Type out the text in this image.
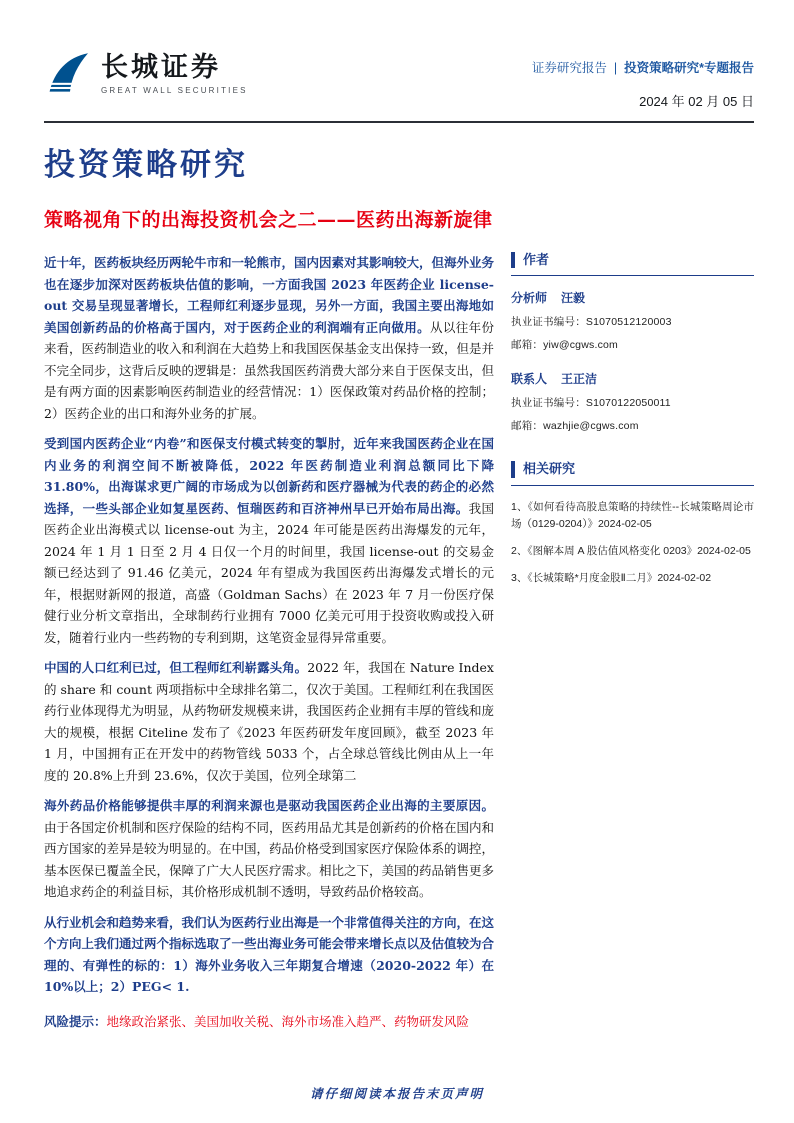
长城证券
GREAT WALL SECURITIES
证券研究报告 | 投资策略研究*专题报告
2024 年 02 月 05 日
投资策略研究
策略视角下的出海投资机会之二——医药出海新旋律

近十年，医药板块经历两轮牛市和一轮熊市，国内因素对其影响较大，但海外业务也在逐步加深对医药板块估值的影响，一方面我国 2023 年医药企业 license-out 交易呈现显著增长，工程师红利逐步显现，另外一方面，我国主要出海地如美国创新药品的价格高于国内，对于医药企业的利润端有正向做用。从以往年份来看，医药制造业的收入和利润在大趋势上和我国医保基金支出保持一致，但是并不完全同步，这背后反映的逻辑是：虽然我国医药消费大部分来自于医保支出，但是有两方面的因素影响医药制造业的经营情况：1）医保政策对药品价格的控制；2）医药企业的出口和海外业务的扩展。

受到国内医药企业“内卷”和医保支付模式转变的掣肘，近年来我国医药企业在国内业务的利润空间不断被降低，2022 年医药制造业利润总额同比下降 31.80%，出海谋求更广阔的市场成为以创新药和医疗器械为代表的药企的必然选择，一些头部企业如复星医药、恒瑞医药和百济神州早已开始布局出海。我国医药企业出海模式以 license-out 为主，2024 年可能是医药出海爆发的元年，2024 年 1 月 1 日至 2 月 4 日仅一个月的时间里，我国 license-out 的交易金额已经达到了 91.46 亿美元，2024 年有望成为我国医药出海爆发式增长的元年，根据财新网的报道，高盛（Goldman Sachs）在 2023 年 7 月一份医疗保健行业分析文章指出，全球制药行业拥有 7000 亿美元可用于投资收购或投入研发，随着行业内一些药物的专利到期，这笔资金显得异常重要。

中国的人口红利已过，但工程师红利崭露头角。2022 年，我国在 Nature Index 的 share 和 count 两项指标中全球排名第二，仅次于美国。工程师红利在我国医药行业体现得尤为明显，从药物研发规模来讲，我国医药企业拥有丰厚的管线和庞大的规模，根据 Citeline 发布了《2023 年医药研发年度回顾》，截至 2023 年 1 月，中国拥有正在开发中的药物管线 5033 个，占全球总管线比例由从上一年度的 20.8%上升到 23.6%，仅次于美国，位列全球第二

海外药品价格能够提供丰厚的利润来源也是驱动我国医药企业出海的主要原因。由于各国定价机制和医疗保险的结构不同，医药用品尤其是创新药的价格在国内和西方国家的差异是较为明显的。在中国，药品价格受到国家医疗保险体系的调控，基本医保已覆盖全民，保障了广大人民医疗需求。相比之下，美国的药品销售更多地追求药企的利益目标，其价格形成机制不透明，导致药品价格较高。

从行业机会和趋势来看，我们认为医药行业出海是一个非常值得关注的方向，在这个方向上我们通过两个指标选取了一些出海业务可能会带来增长点以及估值较为合理的、有弹性的标的：1）海外业务收入三年期复合增速（2020-2022 年）在 10%以上；2）PEG< 1.

风险提示：地缘政治紧张、美国加收关税、海外市场准入趋严、药物研发风险

作者
分析师 汪毅
执业证书编号：S1070512120003
邮箱：yiw@cgws.com
联系人 王正洁
执业证书编号：S1070122050011
邮箱：wazhjie@cgws.com
相关研究
1、《如何看待高股息策略的持续性--长城策略周论市场（0129-0204）》2024-02-05
2、《图解本周 A 股估值风格变化 0203》2024-02-05
3、《长城策略*月度金股Ⅱ二月》2024-02-02
请仔细阅读本报告末页声明
